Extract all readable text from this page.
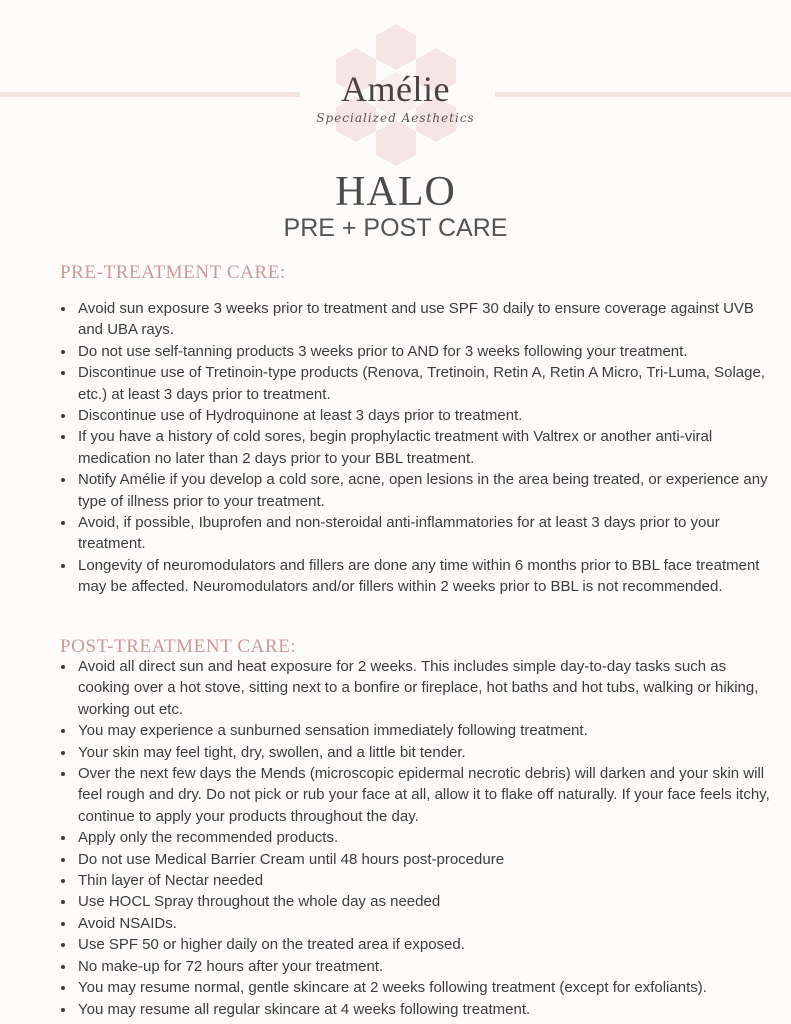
Amélie
Specialized Aesthetics
HALO
PRE + POST CARE
PRE-TREATMENT CARE:
• Avoid sun exposure 3 weeks prior to treatment and use SPF 30 daily to ensure coverage against UVB and UBA rays.
• Do not use self-tanning products 3 weeks prior to AND for 3 weeks following your treatment.
• Discontinue use of Tretinoin-type products (Renova, Tretinoin, Retin A, Retin A Micro, Tri-Luma, Solage, etc.) at least 3 days prior to treatment.
• Discontinue use of Hydroquinone at least 3 days prior to treatment.
• If you have a history of cold sores, begin prophylactic treatment with Valtrex or another anti-viral medication no later than 2 days prior to your BBL treatment.
• Notify Amélie if you develop a cold sore, acne, open lesions in the area being treated, or experience any type of illness prior to your treatment.
• Avoid, if possible, Ibuprofen and non-steroidal anti-inflammatories for at least 3 days prior to your treatment.
• Longevity of neuromodulators and fillers are done any time within 6 months prior to BBL face treatment may be affected. Neuromodulators and/or fillers within 2 weeks prior to BBL is not recommended.
POST-TREATMENT CARE:
• Avoid all direct sun and heat exposure for 2 weeks. This includes simple day-to-day tasks such as cooking over a hot stove, sitting next to a bonfire or fireplace, hot baths and hot tubs, walking or hiking, working out etc.
• You may experience a sunburned sensation immediately following treatment.
• Your skin may feel tight, dry, swollen, and a little bit tender.
• Over the next few days the Mends (microscopic epidermal necrotic debris) will darken and your skin will feel rough and dry. Do not pick or rub your face at all, allow it to flake off naturally. If your face feels itchy, continue to apply your products throughout the day.
• Apply only the recommended products.
• Do not use Medical Barrier Cream until 48 hours post-procedure
• Thin layer of Nectar needed
• Use HOCL Spray throughout the whole day as needed
• Avoid NSAIDs.
• Use SPF 50 or higher daily on the treated area if exposed.
• No make-up for 72 hours after your treatment.
• You may resume normal, gentle skincare at 2 weeks following treatment (except for exfoliants).
• You may resume all regular skincare at 4 weeks following treatment.
